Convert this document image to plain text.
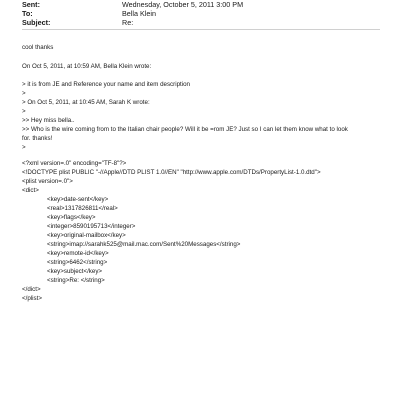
Sent:	Wednesday, October 5, 2011 3:00 PM
To:	Bella Klein
Subject:	Re:
cool thanks
On Oct 5, 2011, at 10:59 AM, Bella Klein wrote:
> it is from JE and Reference your name and item description
>
> On Oct 5, 2011, at 10:45 AM, Sarah K wrote:
>
>> Hey miss bella..
>> Who is the wire coming from to the Italian chair people? Will it be =rom JE? Just so I can let them know what to look
for. thanks!
>
<?xml version=.0" encoding="TF-8"?>
<!DOCTYPE plist PUBLIC "-//Apple//DTD PLIST 1.0//EN" "http://www.apple.com/DTDs/PropertyList-1.0.dtd">
<plist version=.0">
<dict>
<key>date-sent</key>
<real>1317826811</real>
<key>flags</key>
<integer>8590195713</integer>
<key>original-mailbox</key>
<string>imap://sarahk525@mail.mac.com/Sent%20Messages</string>
<key>remote-id</key>
<string>6462</string>
<key>subject</key>
<string>Re: </string>
</dict>
</plist>
